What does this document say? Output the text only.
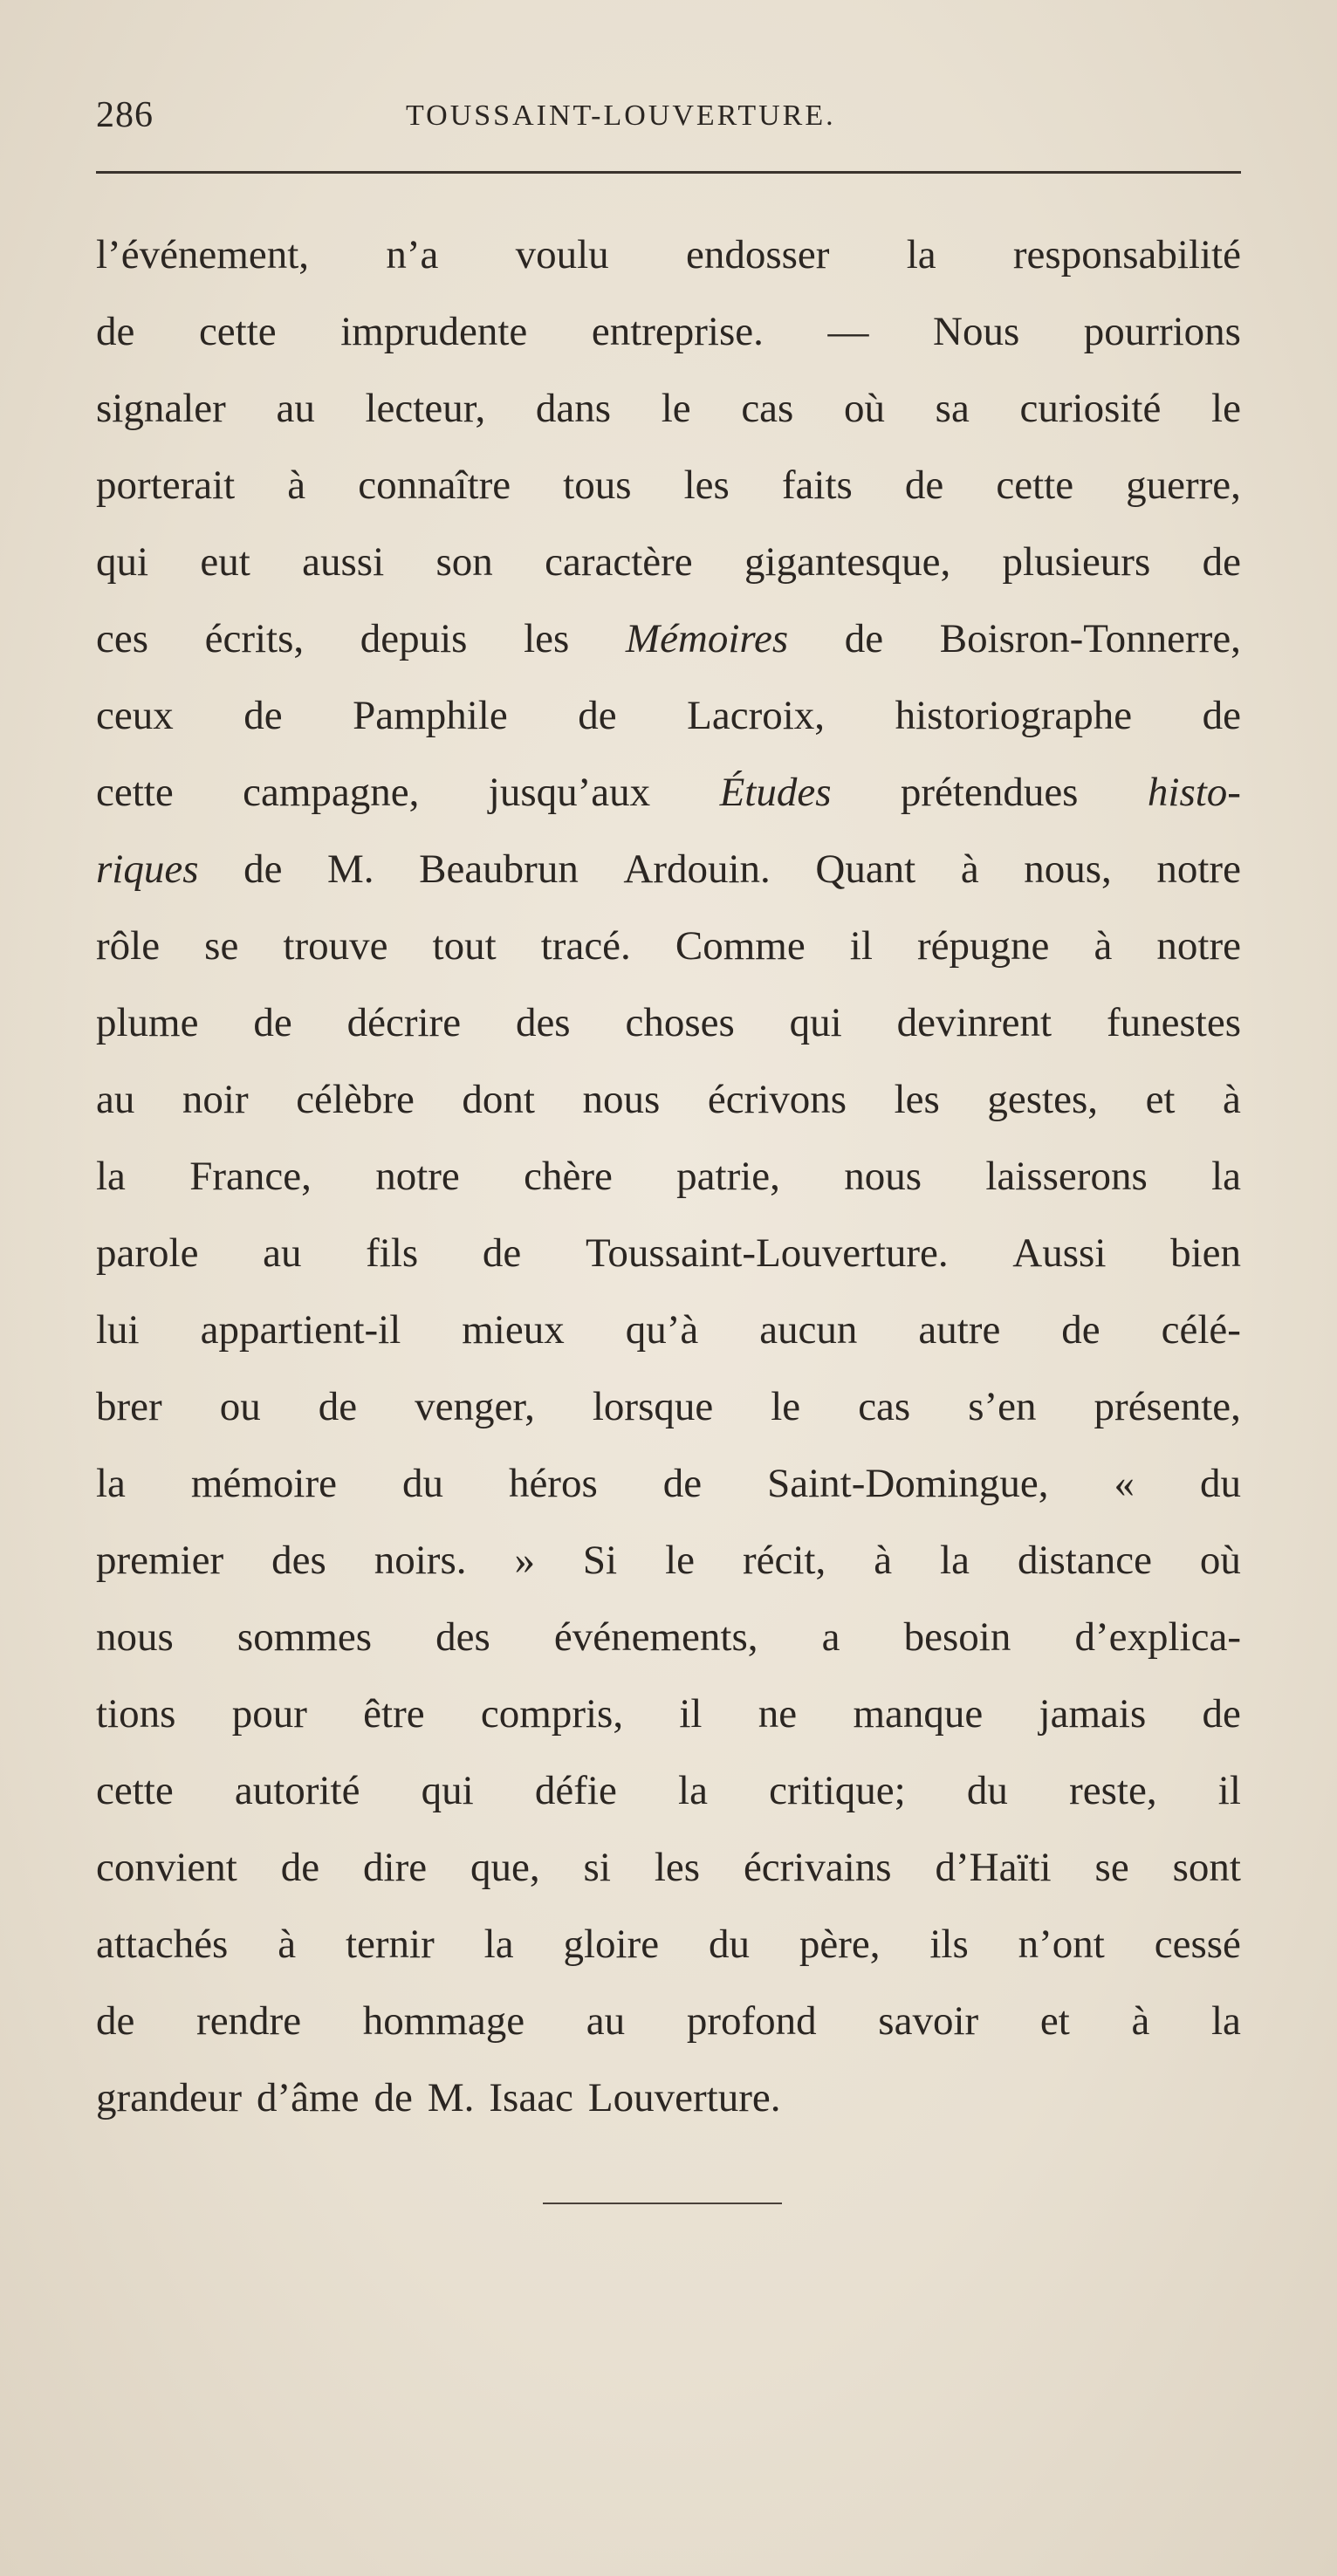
286	TOUSSAINT-LOUVERTURE.
l’événement, n’a voulu endosser la responsabilité
de cette imprudente entreprise. — Nous pourrions
signaler au lecteur, dans le cas où sa curiosité le
porterait à connaître tous les faits de cette guerre,
qui eut aussi son caractère gigantesque, plusieurs de
ces écrits, depuis les Mémoires de Boisron-Tonnerre,
ceux de Pamphile de Lacroix, historiographe de
cette campagne, jusqu’aux Études prétendues histo-
riques de M. Beaubrun Ardouin. Quant à nous, notre
rôle se trouve tout tracé. Comme il répugne à notre
plume de décrire des choses qui devinrent funestes
au noir célèbre dont nous écrivons les gestes, et à
la France, notre chère patrie, nous laisserons la
parole au fils de Toussaint-Louverture. Aussi bien
lui appartient-il mieux qu’à aucun autre de célé-
brer ou de venger, lorsque le cas s’en présente,
la mémoire du héros de Saint-Domingue, « du
premier des noirs. » Si le récit, à la distance où
nous sommes des événements, a besoin d’explica-
tions pour être compris, il ne manque jamais de
cette autorité qui défie la critique; du reste, il
convient de dire que, si les écrivains d’Haïti se sont
attachés à ternir la gloire du père, ils n’ont cessé
de rendre hommage au profond savoir et à la
grandeur d’âme de M. Isaac Louverture.
